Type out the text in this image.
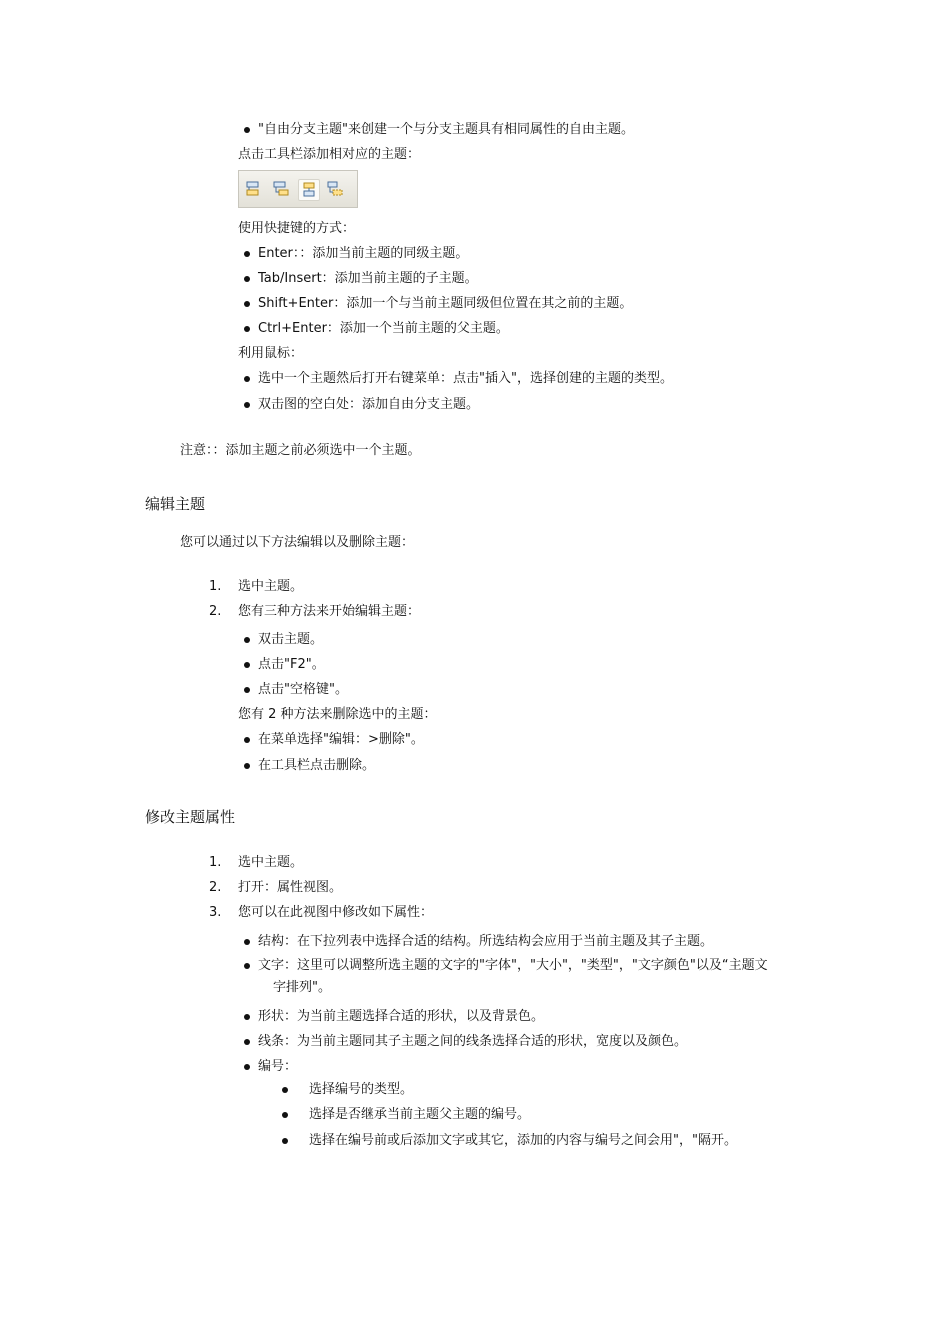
"自由分支主题"来创建一个与分支主题具有相同属性的自由主题。
点击工具栏添加相对应的主题：
使用快捷键的方式：
Enter：：添加当前主题的同级主题。
Tab/Insert：添加当前主题的子主题。
Shift+Enter：添加一个与当前主题同级但位置在其之前的主题。
Ctrl+Enter：添加一个当前主题的父主题。
利用鼠标：
选中一个主题然后打开右键菜单：点击"插入"，选择创建的主题的类型。
双击图的空白处：添加自由分支主题。
注意：：添加主题之前必须选中一个主题。
编辑主题
您可以通过以下方法编辑以及删除主题：
1. 选中主题。
2. 您有三种方法来开始编辑主题：
双击主题。
点击"F2"。
点击"空格键"。
您有 2 种方法来删除选中的主题：
在菜单选择"编辑：>删除"。
在工具栏点击删除。
修改主题属性
1. 选中主题。
2. 打开：属性视图。
3. 您可以在此视图中修改如下属性：
结构：在下拉列表中选择合适的结构。所选结构会应用于当前主题及其子主题。
文字：这里可以调整所选主题的文字的"字体"，"大小"，"类型"，"文字颜色"以及“主题文
字排列"。
形状：为当前主题选择合适的形状，以及背景色。
线条：为当前主题同其子主题之间的线条选择合适的形状，宽度以及颜色。
编号：
选择编号的类型。
选择是否继承当前主题父主题的编号。
选择在编号前或后添加文字或其它，添加的内容与编号之间会用"，"隔开。
